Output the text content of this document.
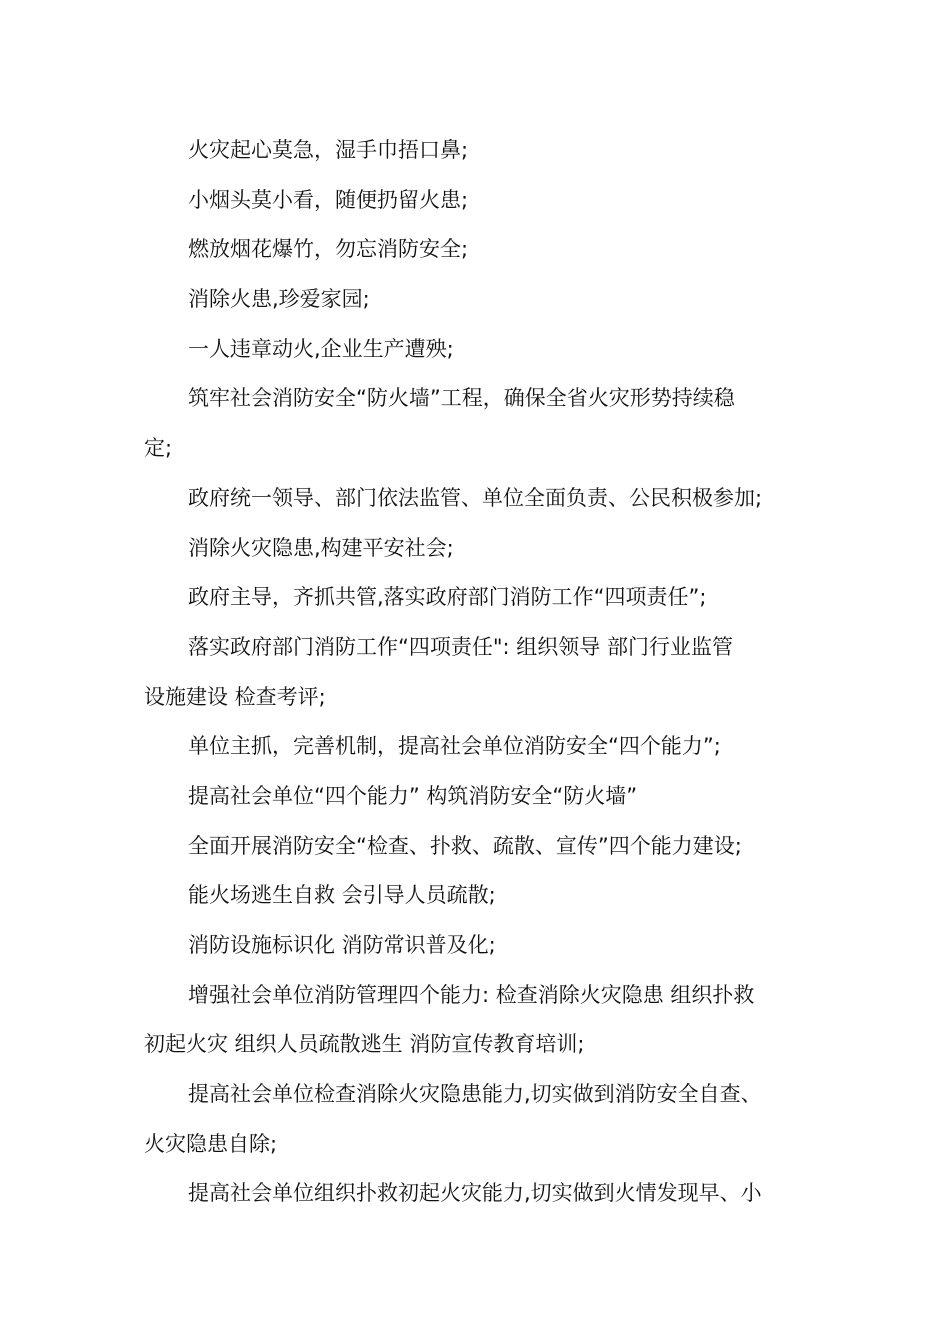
火灾起心莫急，湿手巾捂口鼻;
小烟头莫小看，随便扔留火患;
燃放烟花爆竹，勿忘消防安全;
消除火患,珍爱家园;
一人违章动火,企业生产遭殃;
筑牢社会消防安全“防火墙”工程，确保全省火灾形势持续稳
定;
政府统一领导、部门依法监管、单位全面负责、公民积极参加;
消除火灾隐患,构建平安社会;
政府主导，齐抓共管,落实政府部门消防工作“四项责任”;
落实政府部门消防工作“四项责任": 组织领导 部门行业监管
设施建设 检查考评;
单位主抓，完善机制，提高社会单位消防安全“四个能力”;
提高社会单位“四个能力” 构筑消防安全“防火墙”
全面开展消防安全“检查、扑救、疏散、宣传”四个能力建设;
能火场逃生自救 会引导人员疏散;
消防设施标识化 消防常识普及化;
增强社会单位消防管理四个能力: 检查消除火灾隐患 组织扑救
初起火灾 组织人员疏散逃生 消防宣传教育培训;
提高社会单位检查消除火灾隐患能力,切实做到消防安全自查、
火灾隐患自除;
提高社会单位组织扑救初起火灾能力,切实做到火情发现早、小
